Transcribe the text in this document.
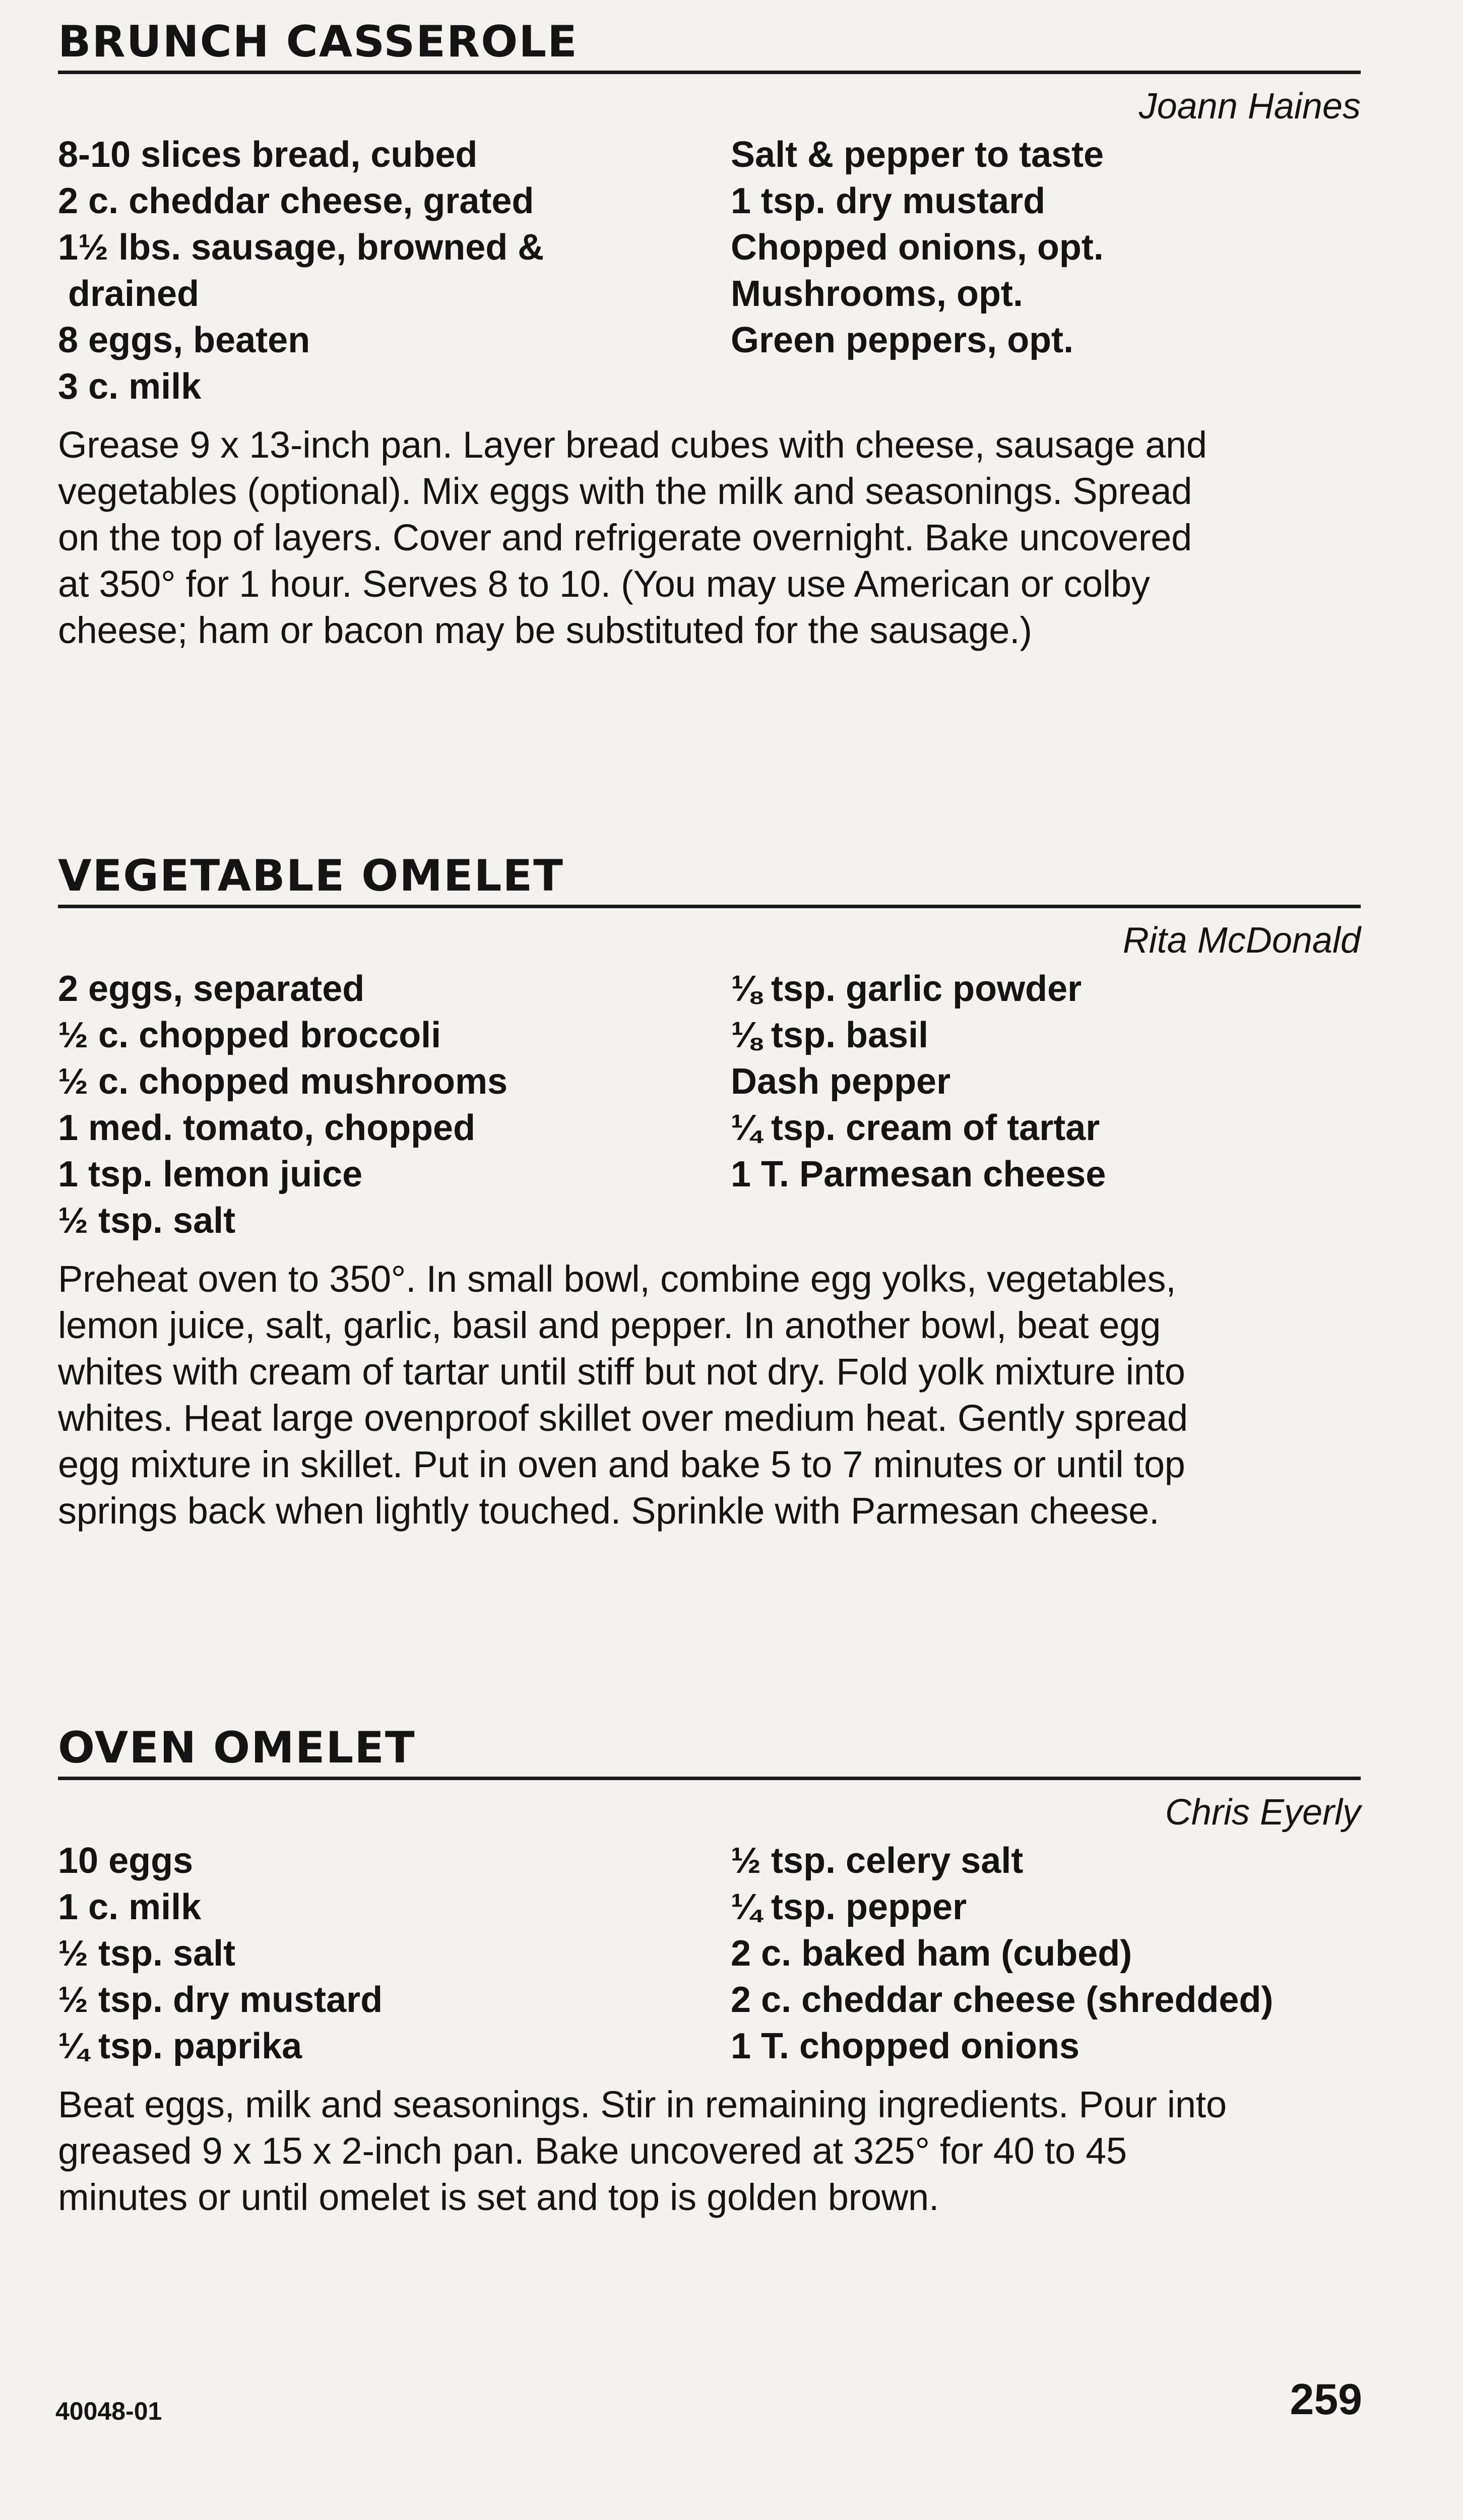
BRUNCH CASSEROLE
Joann Haines
8-10 slices bread, cubed
2 c. cheddar cheese, grated
1½ lbs. sausage, browned &
drained
8 eggs, beaten
3 c. milk
Salt & pepper to taste
1 tsp. dry mustard
Chopped onions, opt.
Mushrooms, opt.
Green peppers, opt.
Grease 9 x 13-inch pan. Layer bread cubes with cheese, sausage and
vegetables (optional). Mix eggs with the milk and seasonings. Spread
on the top of layers. Cover and refrigerate overnight. Bake uncovered
at 350° for 1 hour. Serves 8 to 10. (You may use American or colby
cheese; ham or bacon may be substituted for the sausage.)
VEGETABLE OMELET
Rita McDonald
2 eggs, separated
½ c. chopped broccoli
½ c. chopped mushrooms
1 med. tomato, chopped
1 tsp. lemon juice
½ tsp. salt
⅛ tsp. garlic powder
⅛ tsp. basil
Dash pepper
¼ tsp. cream of tartar
1 T. Parmesan cheese
Preheat oven to 350°. In small bowl, combine egg yolks, vegetables,
lemon juice, salt, garlic, basil and pepper. In another bowl, beat egg
whites with cream of tartar until stiff but not dry. Fold yolk mixture into
whites. Heat large ovenproof skillet over medium heat. Gently spread
egg mixture in skillet. Put in oven and bake 5 to 7 minutes or until top
springs back when lightly touched. Sprinkle with Parmesan cheese.
OVEN OMELET
Chris Eyerly
10 eggs
1 c. milk
½ tsp. salt
½ tsp. dry mustard
¼ tsp. paprika
½ tsp. celery salt
¼ tsp. pepper
2 c. baked ham (cubed)
2 c. cheddar cheese (shredded)
1 T. chopped onions
Beat eggs, milk and seasonings. Stir in remaining ingredients. Pour into
greased 9 x 15 x 2-inch pan. Bake uncovered at 325° for 40 to 45
minutes or until omelet is set and top is golden brown.
40048-01	259
